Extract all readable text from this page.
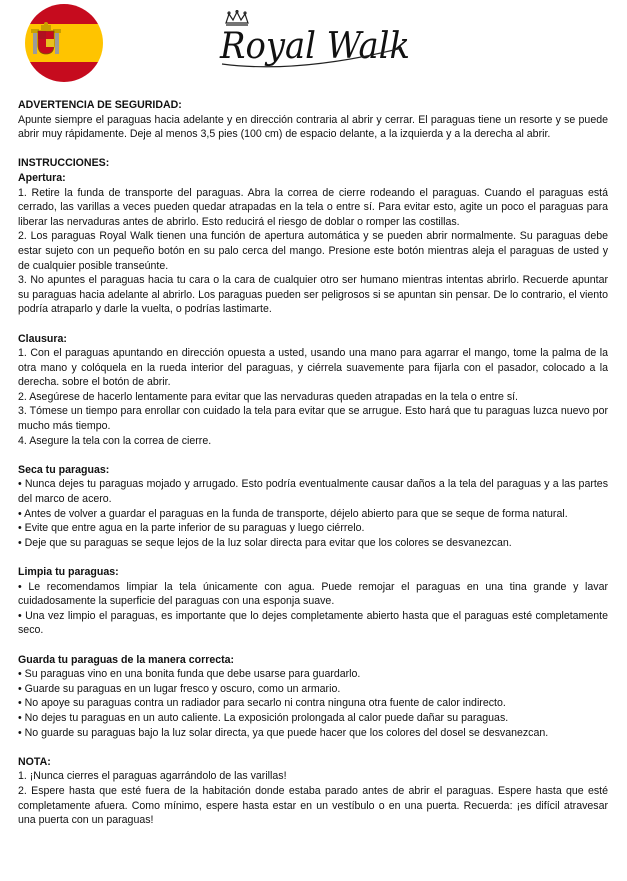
Royal Walk
ADVERTENCIA DE SEGURIDAD:

Apunte siempre el paraguas hacia adelante y en dirección contraria al abrir y cerrar. El paraguas tiene un resorte y se puede abrir muy rápidamente. Deje al menos 3,5 pies (100 cm) de espacio delante, a la izquierda y a la derecha al abrir.

INSTRUCCIONES:
Apertura:

1. Retire la funda de transporte del paraguas. Abra la correa de cierre rodeando el paraguas. Cuando el paraguas está cerrado, las varillas a veces pueden quedar atrapadas en la tela o entre sí. Para evitar esto, agite un poco el paraguas para liberar las nervaduras antes de abrirlo. Esto reducirá el riesgo de doblar o romper las costillas.

2. Los paraguas Royal Walk tienen una función de apertura automática y se pueden abrir normalmente. Su paraguas debe estar sujeto con un pequeño botón en su palo cerca del mango. Presione este botón mientras aleja el paraguas de usted y de cualquier posible transeúnte.

3. No apuntes el paraguas hacia tu cara o la cara de cualquier otro ser humano mientras intentas abrirlo. Recuerde apuntar su paraguas hacia adelante al abrirlo. Los paraguas pueden ser peligrosos si se apuntan sin pensar. De lo contrario, el viento podría atraparlo y darle la vuelta, o podrías lastimarte.

Clausura:

1. Con el paraguas apuntando en dirección opuesta a usted, usando una mano para agarrar el mango, tome la palma de la otra mano y colóquela en la rueda interior del paraguas, y ciérrela suavemente para fijarla con el pasador, colocado a la derecha. sobre el botón de abrir.

2. Asegúrese de hacerlo lentamente para evitar que las nervaduras queden atrapadas en la tela o entre sí.

3. Tómese un tiempo para enrollar con cuidado la tela para evitar que se arrugue. Esto hará que tu paraguas luzca nuevo por mucho más tiempo.

4. Asegure la tela con la correa de cierre.

Seca tu paraguas:

• Nunca dejes tu paraguas mojado y arrugado. Esto podría eventualmente causar daños a la tela del paraguas y a las partes del marco de acero.

• Antes de volver a guardar el paraguas en la funda de transporte, déjelo abierto para que se seque de forma natural.

• Evite que entre agua en la parte inferior de su paraguas y luego ciérrelo.

• Deje que su paraguas se seque lejos de la luz solar directa para evitar que los colores se desvanezcan.

Limpia tu paraguas:

• Le recomendamos limpiar la tela únicamente con agua. Puede remojar el paraguas en una tina grande y lavar cuidadosamente la superficie del paraguas con una esponja suave.

• Una vez limpio el paraguas, es importante que lo dejes completamente abierto hasta que el paraguas esté completamente seco.

Guarda tu paraguas de la manera correcta:

• Su paraguas vino en una bonita funda que debe usarse para guardarlo.

• Guarde su paraguas en un lugar fresco y oscuro, como un armario.

• No apoye su paraguas contra un radiador para secarlo ni contra ninguna otra fuente de calor indirecto.

• No dejes tu paraguas en un auto caliente. La exposición prolongada al calor puede dañar su paraguas.

• No guarde su paraguas bajo la luz solar directa, ya que puede hacer que los colores del dosel se desvanezcan.

NOTA:

1. ¡Nunca cierres el paraguas agarrándolo de las varillas!

2. Espere hasta que esté fuera de la habitación donde estaba parado antes de abrir el paraguas. Espere hasta que esté completamente afuera. Como mínimo, espere hasta estar en un vestíbulo o en una puerta. Recuerda: ¡es difícil atravesar una puerta con un paraguas!
